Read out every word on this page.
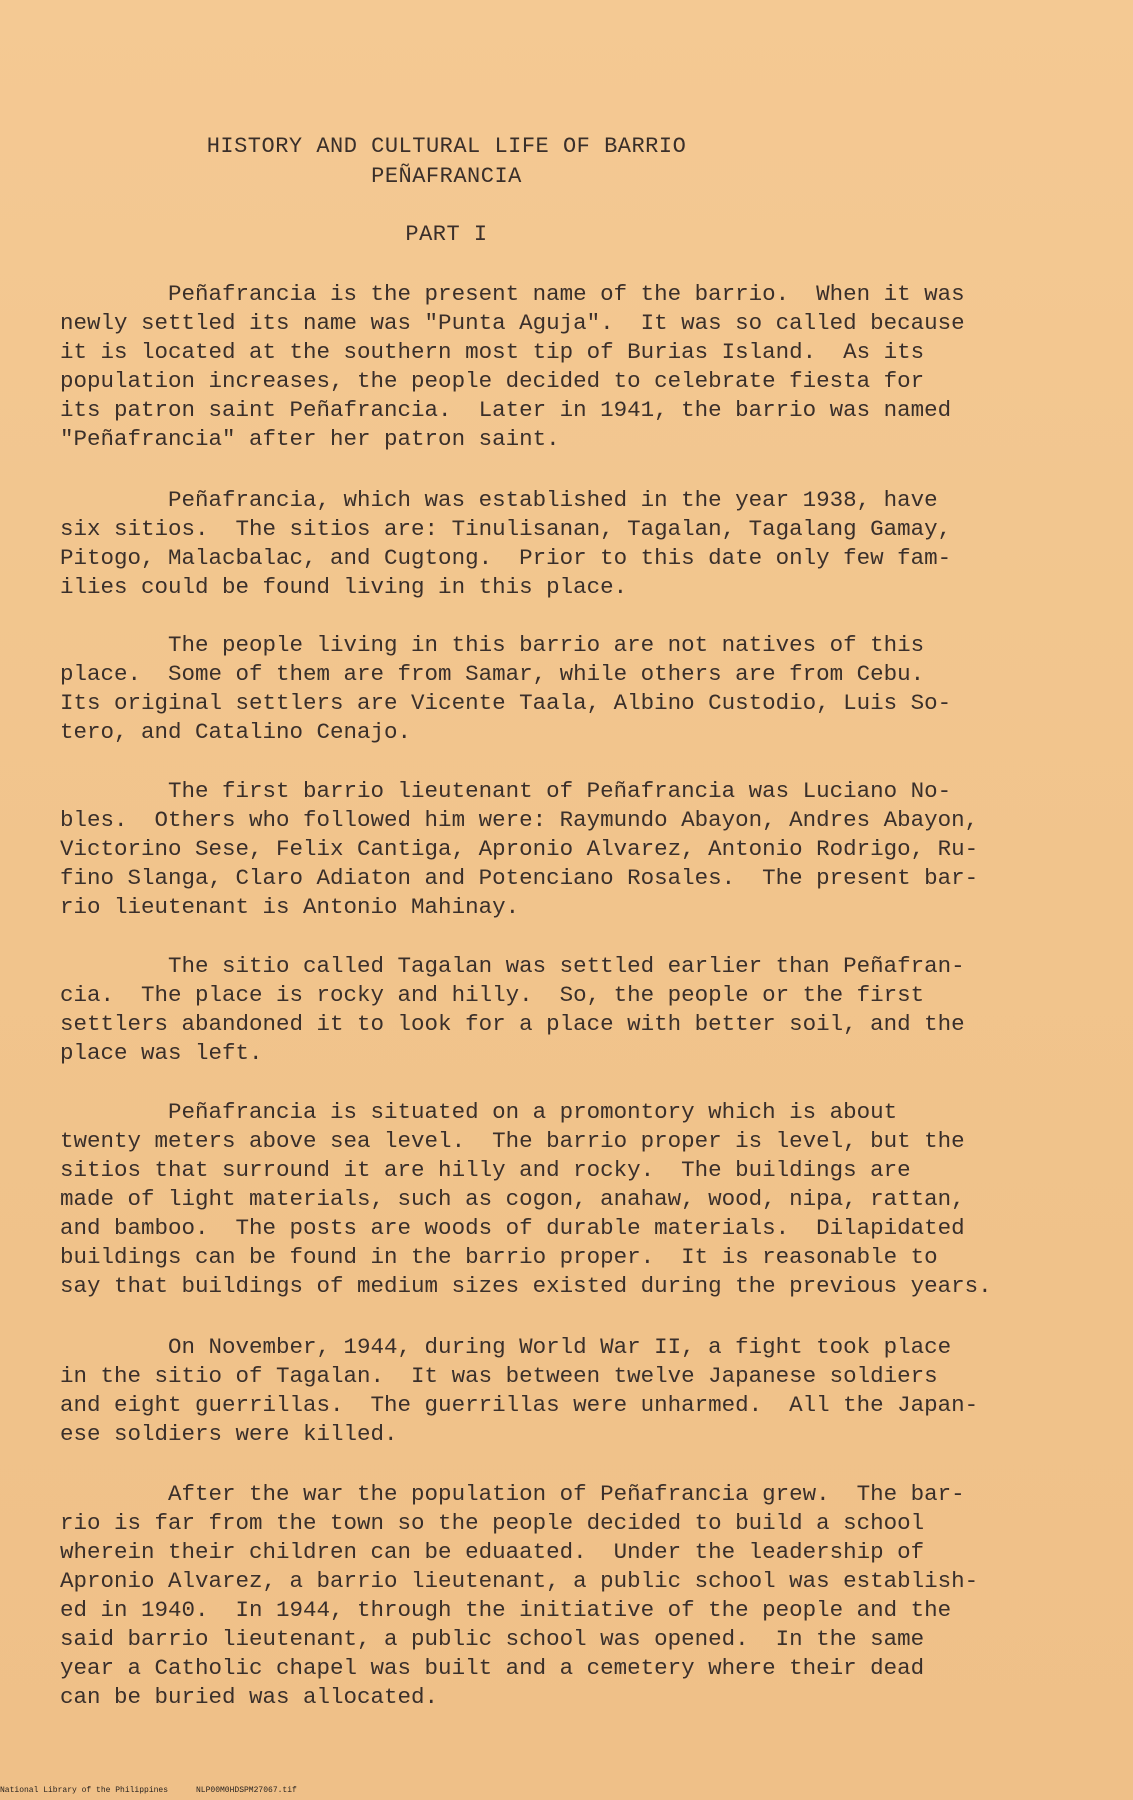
HISTORY AND CULTURAL LIFE OF BARRIO
PEÑAFRANCIA
PART I
Peñafrancia is the present name of the barrio.  When it was
newly settled its name was "Punta Aguja".  It was so called because
it is located at the southern most tip of Burias Island.  As its
population increases, the people decided to celebrate fiesta for
its patron saint Peñafrancia.  Later in 1941, the barrio was named
"Peñafrancia" after her patron saint.
Peñafrancia, which was established in the year 1938, have
six sitios.  The sitios are: Tinulisanan, Tagalan, Tagalang Gamay,
Pitogo, Malacbalac, and Cugtong.  Prior to this date only few fam-
ilies could be found living in this place.
The people living in this barrio are not natives of this
place.  Some of them are from Samar, while others are from Cebu.
Its original settlers are Vicente Taala, Albino Custodio, Luis So-
tero, and Catalino Cenajo.
The first barrio lieutenant of Peñafrancia was Luciano No-
bles.  Others who followed him were: Raymundo Abayon, Andres Abayon,
Victorino Sese, Felix Cantiga, Apronio Alvarez, Antonio Rodrigo, Ru-
fino Slanga, Claro Adiaton and Potenciano Rosales.  The present bar-
rio lieutenant is Antonio Mahinay.
The sitio called Tagalan was settled earlier than Peñafran-
cia.  The place is rocky and hilly.  So, the people or the first
settlers abandoned it to look for a place with better soil, and the
place was left.
Peñafrancia is situated on a promontory which is about
twenty meters above sea level.  The barrio proper is level, but the
sitios that surround it are hilly and rocky.  The buildings are
made of light materials, such as cogon, anahaw, wood, nipa, rattan,
and bamboo.  The posts are woods of durable materials.  Dilapidated
buildings can be found in the barrio proper.  It is reasonable to
say that buildings of medium sizes existed during the previous years.
On November, 1944, during World War II, a fight took place
in the sitio of Tagalan.  It was between twelve Japanese soldiers
and eight guerrillas.  The guerrillas were unharmed.  All the Japan-
ese soldiers were killed.
After the war the population of Peñafrancia grew.  The bar-
rio is far from the town so the people decided to build a school
wherein their children can be eduaated.  Under the leadership of
Apronio Alvarez, a barrio lieutenant, a public school was establish-
ed in 1940.  In 1944, through the initiative of the people and the
said barrio lieutenant, a public school was opened.  In the same
year a Catholic chapel was built and a cemetery where their dead
can be buried was allocated.
National Library of the Philippines	NLP00M0HDSPM27067.tif
